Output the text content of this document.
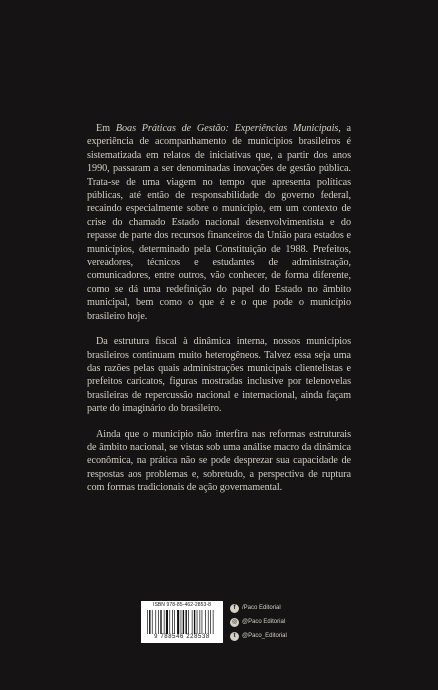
Em Boas Práticas de Gestão: Experiências Municipais, a experiência de acompanhamento de municípios brasileiros é sistematizada em relatos de iniciativas que, a partir dos anos 1990, passaram a ser denominadas inovações de gestão pública. Trata-se de uma viagem no tempo que apresenta políticas públicas, até então de responsabilidade do governo federal, recaindo especialmente sobre o município, em um contexto de crise do chamado Estado nacional desenvolvimentista e do repasse de parte dos recursos financeiros da União para estados e municípios, determinado pela Constituição de 1988. Prefeitos, vereadores, técnicos e estudantes de administração, comunicadores, entre outros, vão conhecer, de forma diferente, como se dá uma redefinição do papel do Estado no âmbito municipal, bem como o que é e o que pode o município brasileiro hoje.

Da estrutura fiscal à dinâmica interna, nossos municípios brasileiros continuam muito heterogêneos. Talvez essa seja uma das razões pelas quais administrações municipais clientelistas e prefeitos caricatos, figuras mostradas inclusive por telenovelas brasileiras de repercussão nacional e internacional, ainda façam parte do imaginário do brasileiro.

Ainda que o município não interfira nas reformas estruturais de âmbito nacional, se vistas sob uma análise macro da dinâmica econômica, na prática não se pode desprezar sua capacidade de respostas aos problemas e, sobretudo, a perspectiva de ruptura com formas tradicionais de ação governamental.

ISBN 978-85-462-2853-8
9 788546 228538
f	/Paco Editorial
◎ @Paco Editorial
t	@Paco_Editorial
